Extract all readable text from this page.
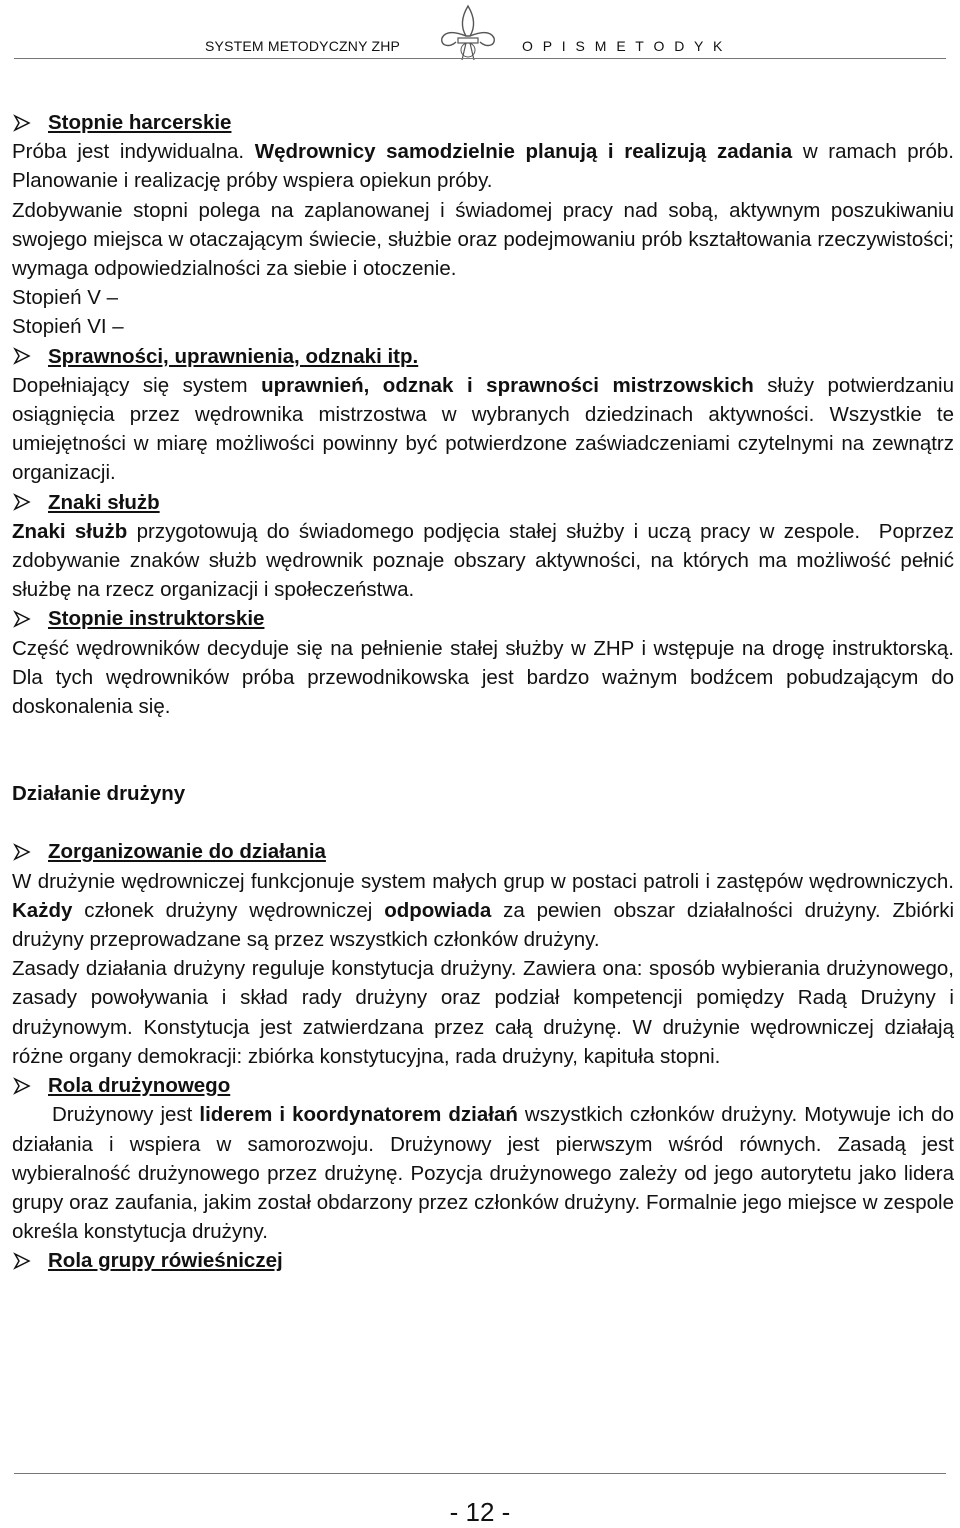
SYSTEM METODYCZNY ZHP	O P I S M E T O D Y K
Stopnie harcerskie
Próba jest indywidualna. Wędrownicy samodzielnie planują i realizują zadania w ramach prób. Planowanie i realizację próby wspiera opiekun próby.
Zdobywanie stopni polega na zaplanowanej i świadomej pracy nad sobą, aktywnym poszukiwaniu swojego miejsca w otaczającym świecie, służbie oraz podejmowaniu prób kształtowania rzeczywistości; wymaga odpowiedzialności za siebie i otoczenie.
Stopień V –
Stopień VI –
Sprawności, uprawnienia, odznaki itp.
Dopełniający się system uprawnień, odznak i sprawności mistrzowskich służy potwierdzaniu osiągnięcia przez wędrownika mistrzostwa w wybranych dziedzinach aktywności. Wszystkie te umiejętności w miarę możliwości powinny być potwierdzone zaświadczeniami czytelnymi na zewnątrz organizacji.
Znaki służb
Znaki służb przygotowują do świadomego podjęcia stałej służby i uczą pracy w zespole. Poprzez zdobywanie znaków służb wędrownik poznaje obszary aktywności, na których ma możliwość pełnić służbę na rzecz organizacji i społeczeństwa.
Stopnie instruktorskie
Część wędrowników decyduje się na pełnienie stałej służby w ZHP i wstępuje na drogę instruktorską. Dla tych wędrowników próba przewodnikowska jest bardzo ważnym bodźcem pobudzającym do doskonalenia się.
Działanie drużyny
Zorganizowanie do działania
W drużynie wędrowniczej funkcjonuje system małych grup w postaci patroli i zastępów wędrowniczych. Każdy członek drużyny wędrowniczej odpowiada za pewien obszar działalności drużyny. Zbiórki drużyny przeprowadzane są przez wszystkich członków drużyny.
Zasady działania drużyny reguluje konstytucja drużyny. Zawiera ona: sposób wybierania drużynowego, zasady powoływania i skład rady drużyny oraz podział kompetencji pomiędzy Radą Drużyny i drużynowym. Konstytucja jest zatwierdzana przez całą drużynę. W drużynie wędrowniczej działają różne organy demokracji: zbiórka konstytucyjna, rada drużyny, kapituła stopni.
Rola drużynowego
Drużynowy jest liderem i koordynatorem działań wszystkich członków drużyny. Motywuje ich do działania i wspiera w samorozwoju. Drużynowy jest pierwszym wśród równych. Zasadą jest wybieralność drużynowego przez drużynę. Pozycja drużynowego zależy od jego autorytetu jako lidera grupy oraz zaufania, jakim został obdarzony przez członków drużyny. Formalnie jego miejsce w zespole określa konstytucja drużyny.
Rola grupy rówieśniczej
- 12 -
